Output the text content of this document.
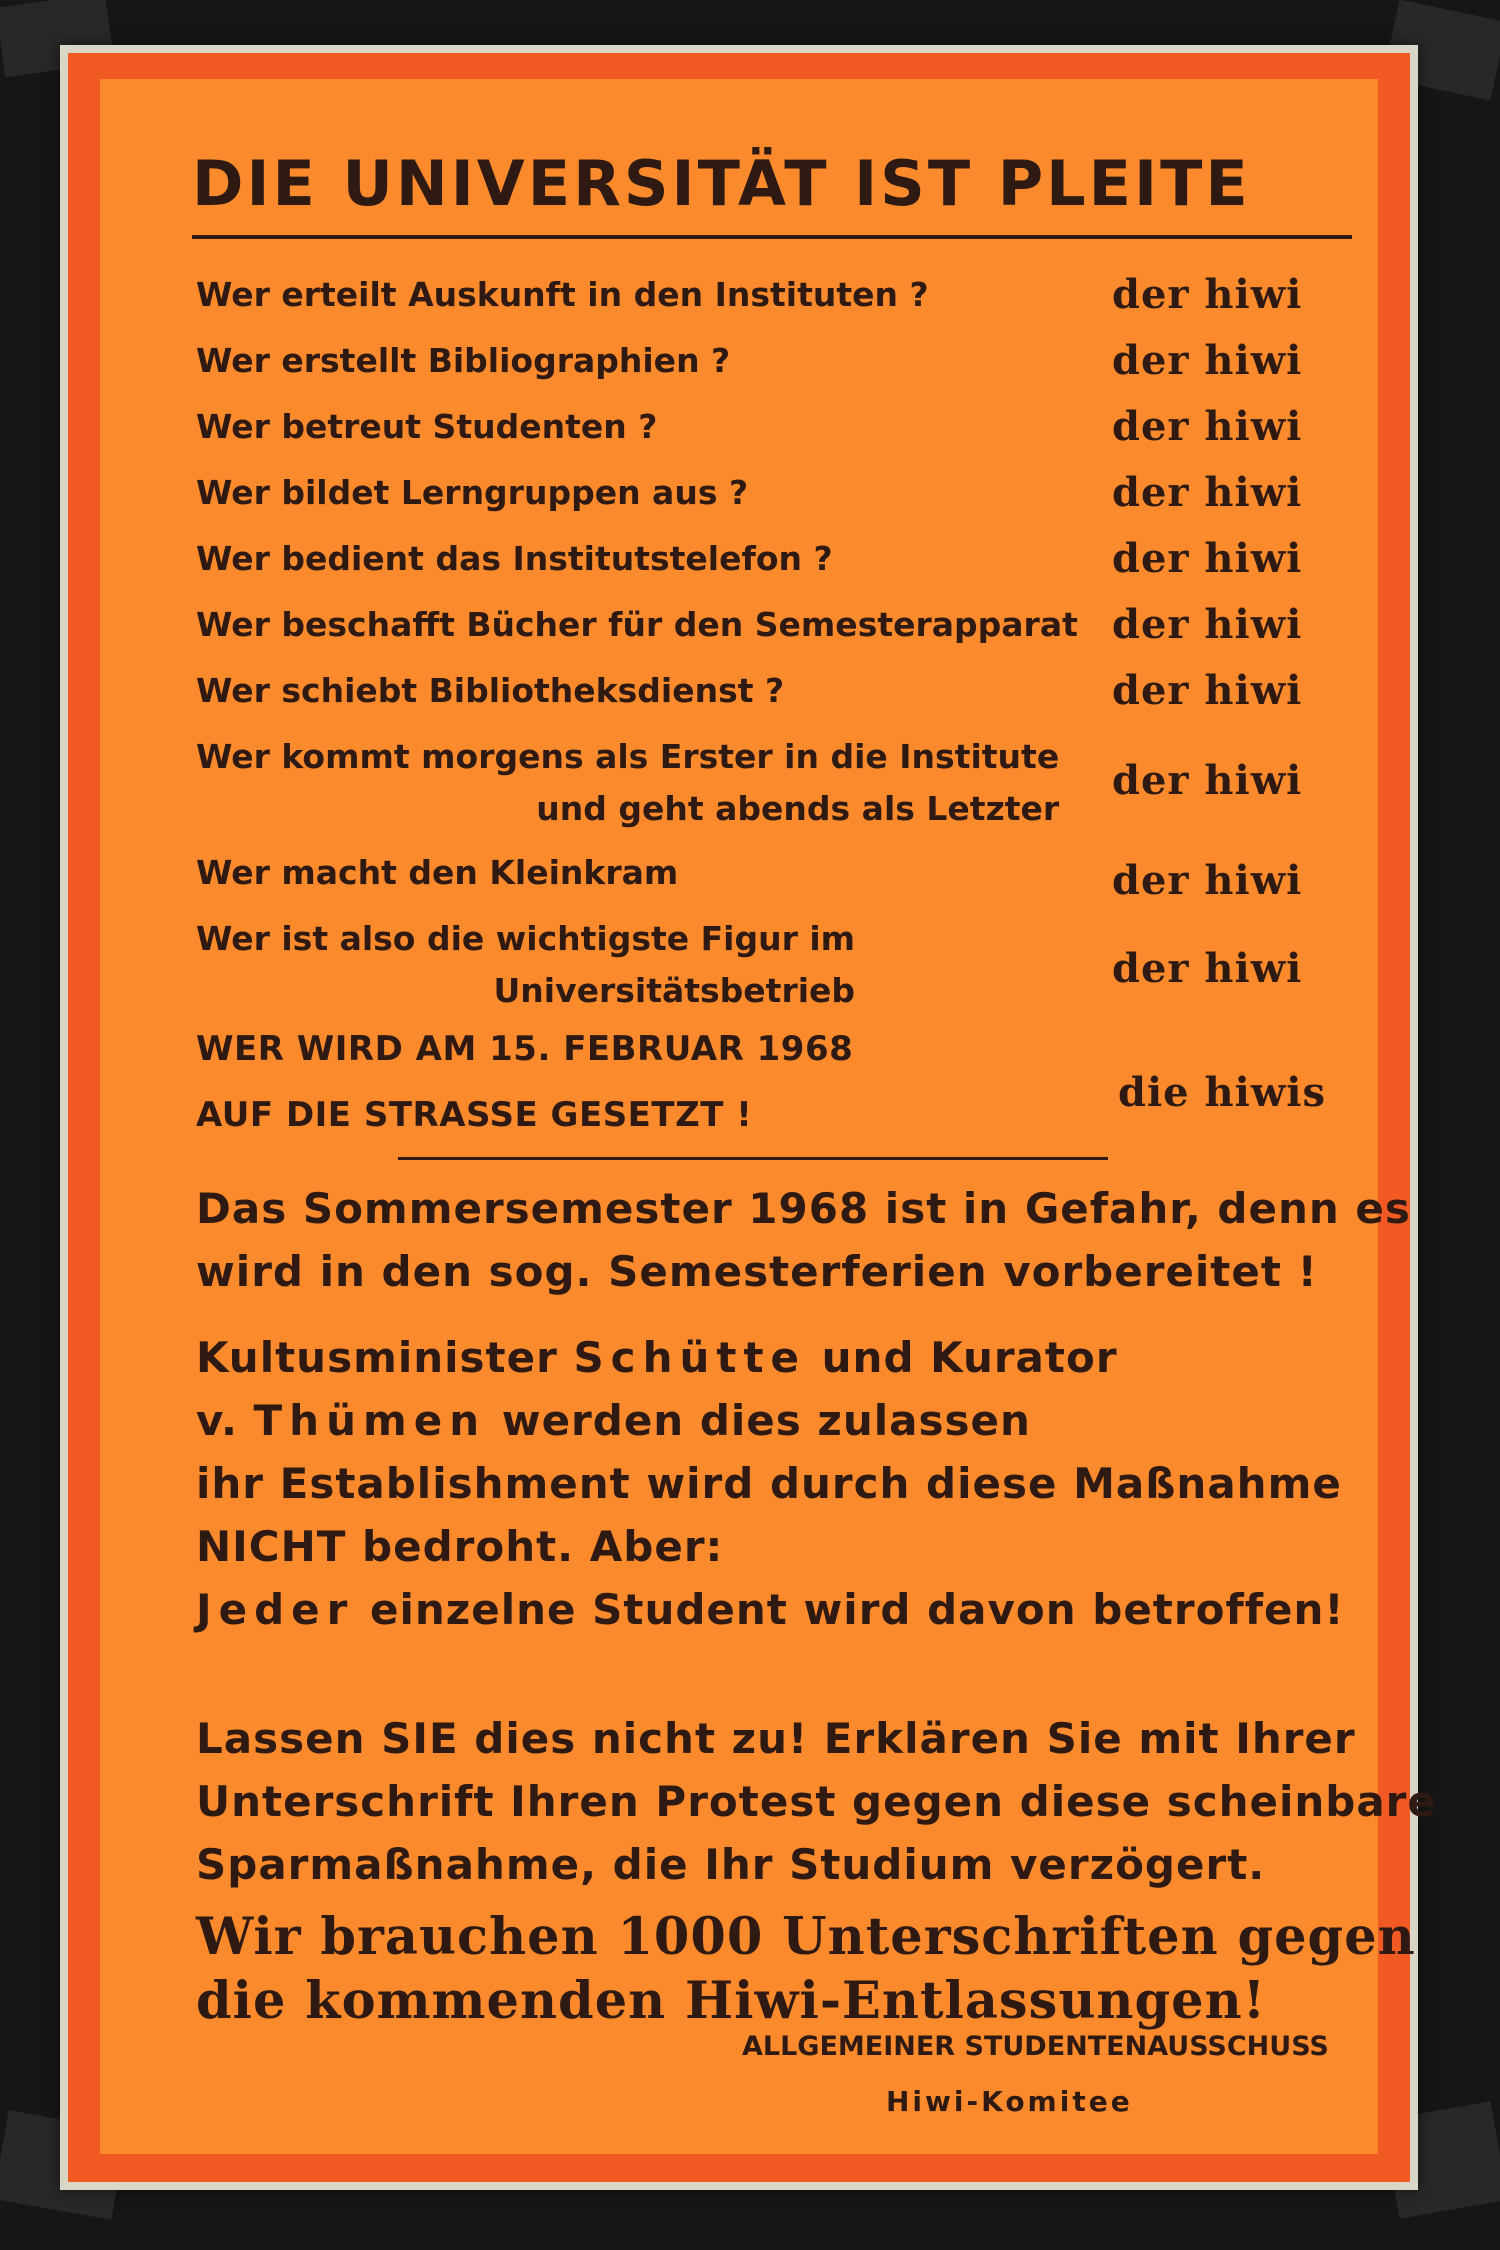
DIE UNIVERSITÄT IST PLEITE
Wer erteilt Auskunft in den Instituten ?	der hiwi
Wer erstellt Bibliographien ?	der hiwi
Wer betreut Studenten ?	der hiwi
Wer bildet Lerngruppen aus ?	der hiwi
Wer bedient das Institutstelefon ?	der hiwi
Wer beschafft Bücher für den Semesterapparat der hiwi
Wer schiebt Bibliotheksdienst ?	der hiwi
Wer kommt morgens als Erster in die Institute
und geht abends als Letzter
der hiwi
Wer macht den Kleinkram	der hiwi
Wer ist also die wichtigste Figur im
Universitätsbetrieb	der hiwi
WER WIRD AM 15. FEBRUAR 1968
AUF DIE STRASSE GESETZT !	die hiwis
Das Sommersemester 1968 ist in Gefahr, denn es
wird in den sog. Semesterferien vorbereitet !
Kultusminister Schütte und Kurator
v. Thümen werden dies zulassen
ihr Establishment wird durch diese Maßnahme
NICHT bedroht. Aber:
Jeder einzelne Student wird davon betroffen!
Lassen SIE dies nicht zu! Erklären Sie mit Ihrer
Unterschrift Ihren Protest gegen diese scheinbare
Sparmaßnahme, die Ihr Studium verzögert.
Wir brauchen 1000 Unterschriften gegen
die kommenden Hiwi-Entlassungen!
ALLGEMEINER STUDENTENAUSSCHUSS
Hiwi-Komitee
